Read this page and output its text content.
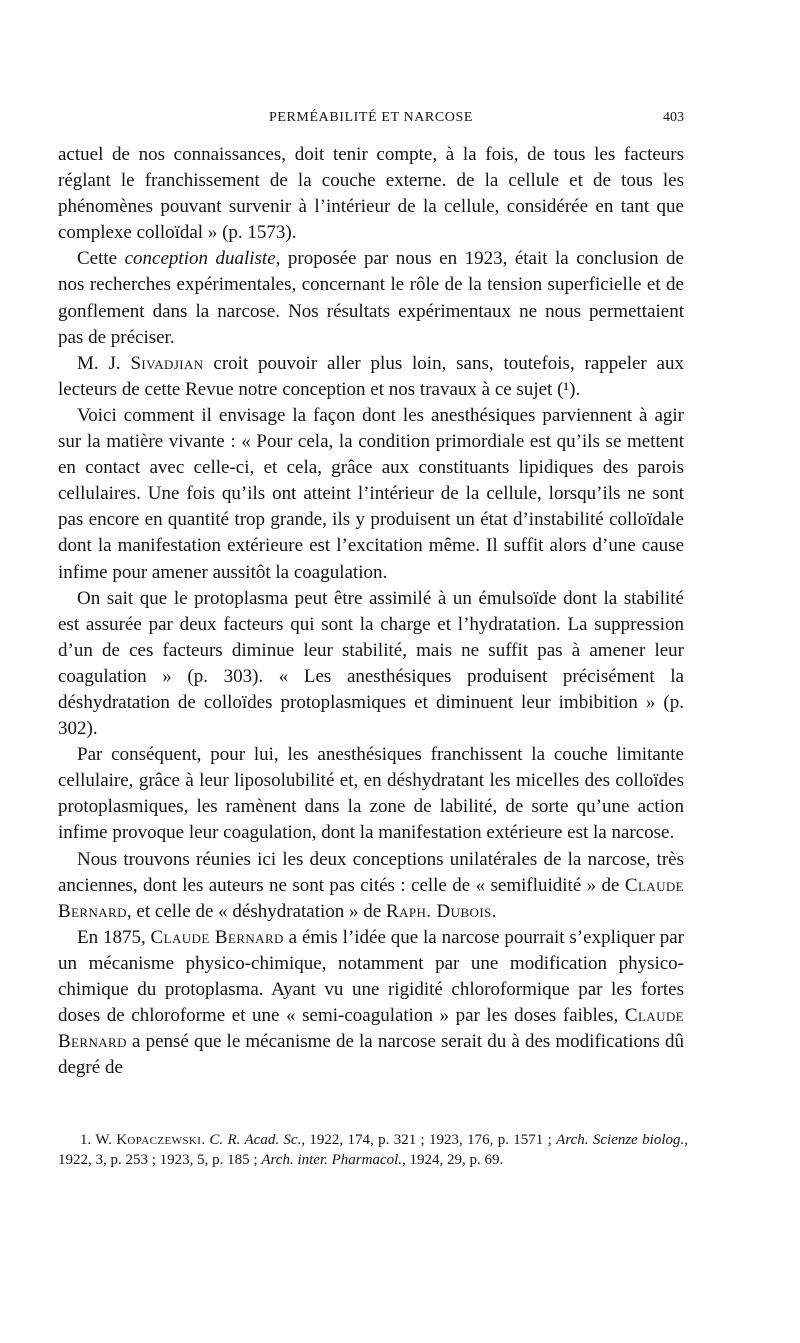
PERMÉABILITÉ ET NARCOSE	403

actuel de nos connaissances, doit tenir compte, à la fois, de tous les facteurs réglant le franchissement de la couche externe. de la cellule et de tous les phénomènes pouvant survenir à l’intérieur de la cellule, considérée en tant que complexe colloïdal » (p. 1573).

Cette conception dualiste, proposée par nous en 1923, était la conclusion de nos recherches expérimentales, concernant le rôle de la tension superficielle et de gonflement dans la narcose. Nos résultats expérimentaux ne nous permettaient pas de préciser.

M. J. Sivadjian croit pouvoir aller plus loin, sans, toutefois, rappeler aux lecteurs de cette Revue notre conception et nos travaux à ce sujet (¹).

Voici comment il envisage la façon dont les anesthésiques parviennent à agir sur la matière vivante : « Pour cela, la condition primordiale est qu’ils se mettent en contact avec celle-ci, et cela, grâce aux constituants lipidiques des parois cellulaires. Une fois qu’ils ont atteint l’intérieur de la cellule, lorsqu’ils ne sont pas encore en quantité trop grande, ils y produisent un état d’instabilité colloïdale dont la manifestation extérieure est l’excitation même. Il suffit alors d’une cause infime pour amener aussitôt la coagulation.

On sait que le protoplasma peut être assimilé à un émulsoïde dont la stabilité est assurée par deux facteurs qui sont la charge et l’hydratation. La suppression d’un de ces facteurs diminue leur stabilité, mais ne suffit pas à amener leur coagulation » (p. 303). « Les anesthésiques produisent précisément la déshydratation de colloïdes protoplasmiques et diminuent leur imbibition » (p. 302).

Par conséquent, pour lui, les anesthésiques franchissent la couche limitante cellulaire, grâce à leur liposolubilité et, en déshydratant les micelles des colloïdes protoplasmiques, les ramènent dans la zone de labilité, de sorte qu’une action infime provoque leur coagulation, dont la manifestation extérieure est la narcose.

Nous trouvons réunies ici les deux conceptions unilatérales de la narcose, très anciennes, dont les auteurs ne sont pas cités : celle de « semifluidité » de Claude Bernard, et celle de « déshydratation » de Raph. Dubois.

En 1875, Claude Bernard a émis l’idée que la narcose pourrait s’expliquer par un mécanisme physico-chimique, notamment par une modification physico-chimique du protoplasma. Ayant vu une rigidité chloroformique par les fortes doses de chloroforme et une « semi-coagulation » par les doses faibles, Claude Bernard a pensé que le mécanisme de la narcose serait du à des modifications dû degré de

1. W. Kopaczewski. C. R. Acad. Sc., 1922, 174, p. 321 ; 1923, 176, p. 1571 ; Arch. Scienze biolog., 1922, 3, p. 253 ; 1923, 5, p. 185 ; Arch. inter. Pharmacol., 1924, 29, p. 69.
